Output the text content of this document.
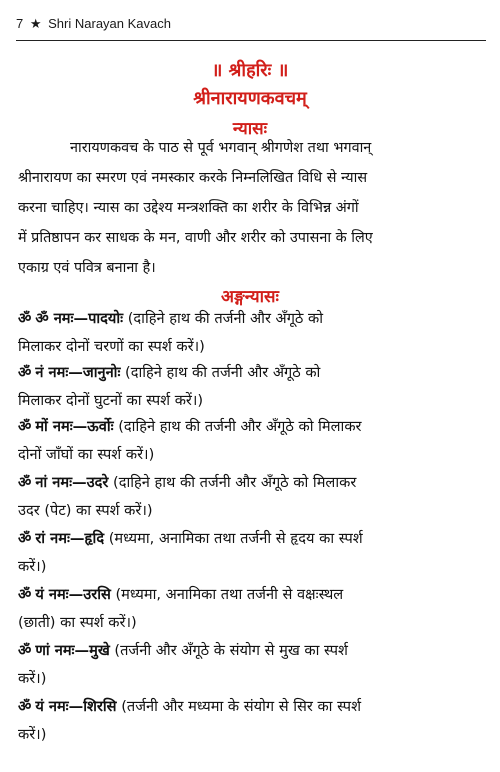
7 ★ Shri Narayan Kavach
॥ श्रीहरिः ॥
श्रीनारायणकवचम्
न्यासः
नारायणकवच के पाठ से पूर्व भगवान् श्रीगणेश तथा भगवान्
श्रीनारायण का स्मरण एवं नमस्कार करके निम्नलिखित विधि से न्यास
करना चाहिए। न्यास का उद्देश्य मन्त्रशक्ति का शरीर के विभिन्न अंगों
में प्रतिष्ठापन कर साधक के मन, वाणी और शरीर को उपासना के लिए
एकाग्र एवं पवित्र बनाना है।
अङ्गन्यासः
ॐ ॐ नमः—पादयोः (दाहिने हाथ की तर्जनी और अँगूठे को
मिलाकर दोनों चरणों का स्पर्श करें।)
ॐ नं नमः—जानुनोः (दाहिने हाथ की तर्जनी और अँगूठे को
मिलाकर दोनों घुटनों का स्पर्श करें।)
ॐ मों नमः—ऊर्वोः (दाहिने हाथ की तर्जनी और अँगूठे को मिलाकर
दोनों जाँघों का स्पर्श करें।)
ॐ नां नमः—उदरे (दाहिने हाथ की तर्जनी और अँगूठे को मिलाकर
उदर (पेट) का स्पर्श करें।)
ॐ रां नमः—हृदि (मध्यमा, अनामिका तथा तर्जनी से हृदय का स्पर्श
करें।)
ॐ यं नमः—उरसि (मध्यमा, अनामिका तथा तर्जनी से वक्षःस्थल
(छाती) का स्पर्श करें।)
ॐ णां नमः—मुखे (तर्जनी और अँगूठे के संयोग से मुख का स्पर्श
करें।)
ॐ यं नमः—शिरसि (तर्जनी और मध्यमा के संयोग से सिर का स्पर्श
करें।)
